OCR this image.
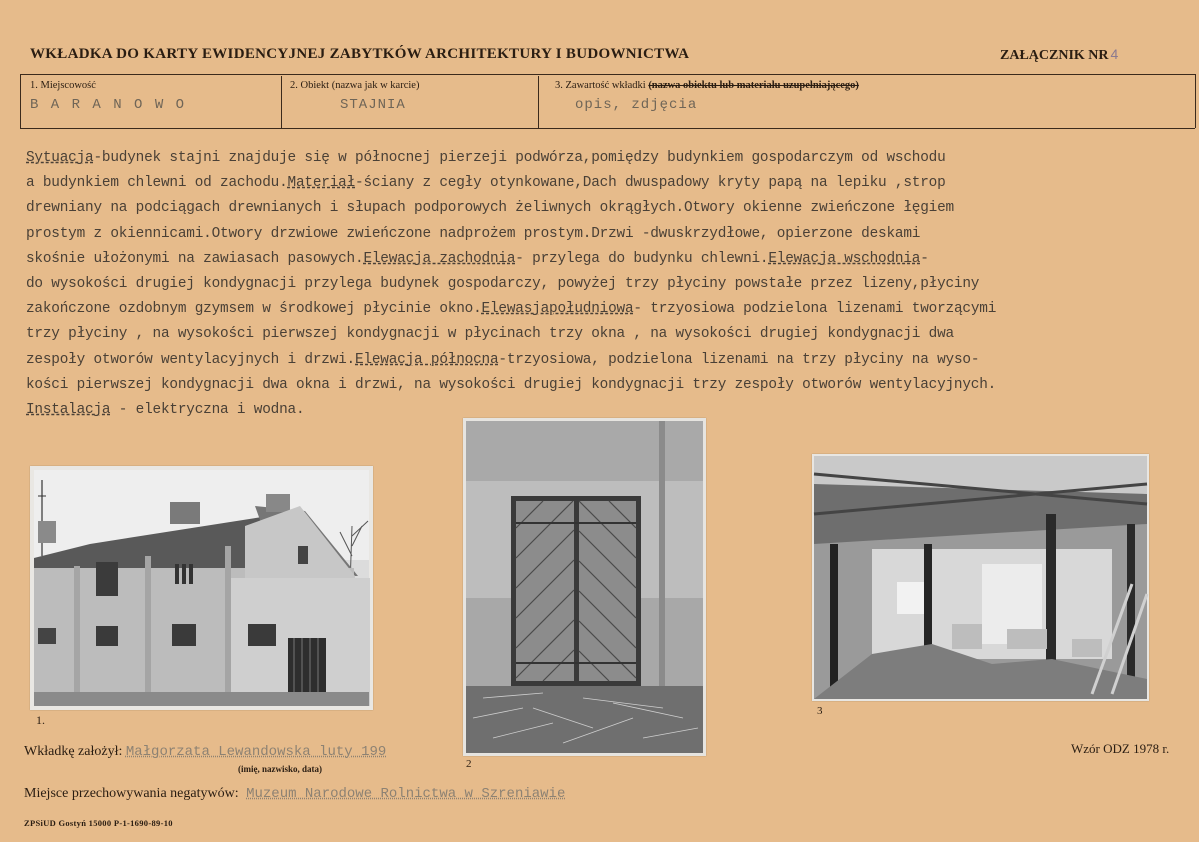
WKŁADKA DO KARTY EWIDENCYJNEJ ZABYTKÓW ARCHITEKTURY I BUDOWNICTWA	ZAŁĄCZNIK NR 4
1. Miejscowość
B A R A N O W O
2. Obiekt (nazwa jak w karcie)
STAJNIA
3. Zawartość wkładki (nazwa obiektu lub materiału uzupełniającego)
opis, zdjęcia
Sytuacja-budynek stajni znajduje się w północnej pierzeji podwórza,pomiędzy budynkiem gospodarczym od wschodu
a budynkiem chlewni od zachodu.Materiał-ściany z cegły otynkowane,Dach dwuspadowy kryty papą na lepiku ,strop
drewniany na podciągach drewnianych i słupach podporowych żeliwnych okrągłych.Otwory okienne zwieńczone łęgiem
prostym z okiennicami.Otwory drzwiowe zwieńczone nadprożem prostym.Drzwi -dwuskrzydłowe, opierzone deskami
skośnie ułożonymi na zawiasach pasowych.Elewacja zachodnia- przylega do budynku chlewni.Elewacja wschodnia-
do wysokości drugiej kondygnacji przylega budynek gospodarczy, powyżej trzy płyciny powstałe przez lizeny,płyciny
zakończone ozdobnym gzymsem w środkowej płycinie okno.Elewasjapołudniowa- trzyosiowa podzielona lizenami tworzącymi
trzy płyciny , na wysokości pierwszej kondygnacji w płycinach trzy okna , na wysokości drugiej kondygnacji dwa
zespoły otworów wentylacyjnych i drzwi.Elewacja północna-trzyosiowa, podzielona lizenami na trzy płyciny na wyso-
kości pierwszej kondygnacji dwa okna i drzwi, na wysokości drugiej kondygnacji trzy zespoły otworów wentylacyjnych.
Instalacja - elektryczna i wodna.
1.
2
3
Wkładkę założył: Małgorzata Lewandowska luty 199
(imię, nazwisko, data)
Wzór ODZ 1978 r.
Miejsce przechowywania negatywów: Muzeum Narodowe Rolnictwa w Szreniawie
ZPSiUD Gostyń 15000 P-1-1690-89-10
